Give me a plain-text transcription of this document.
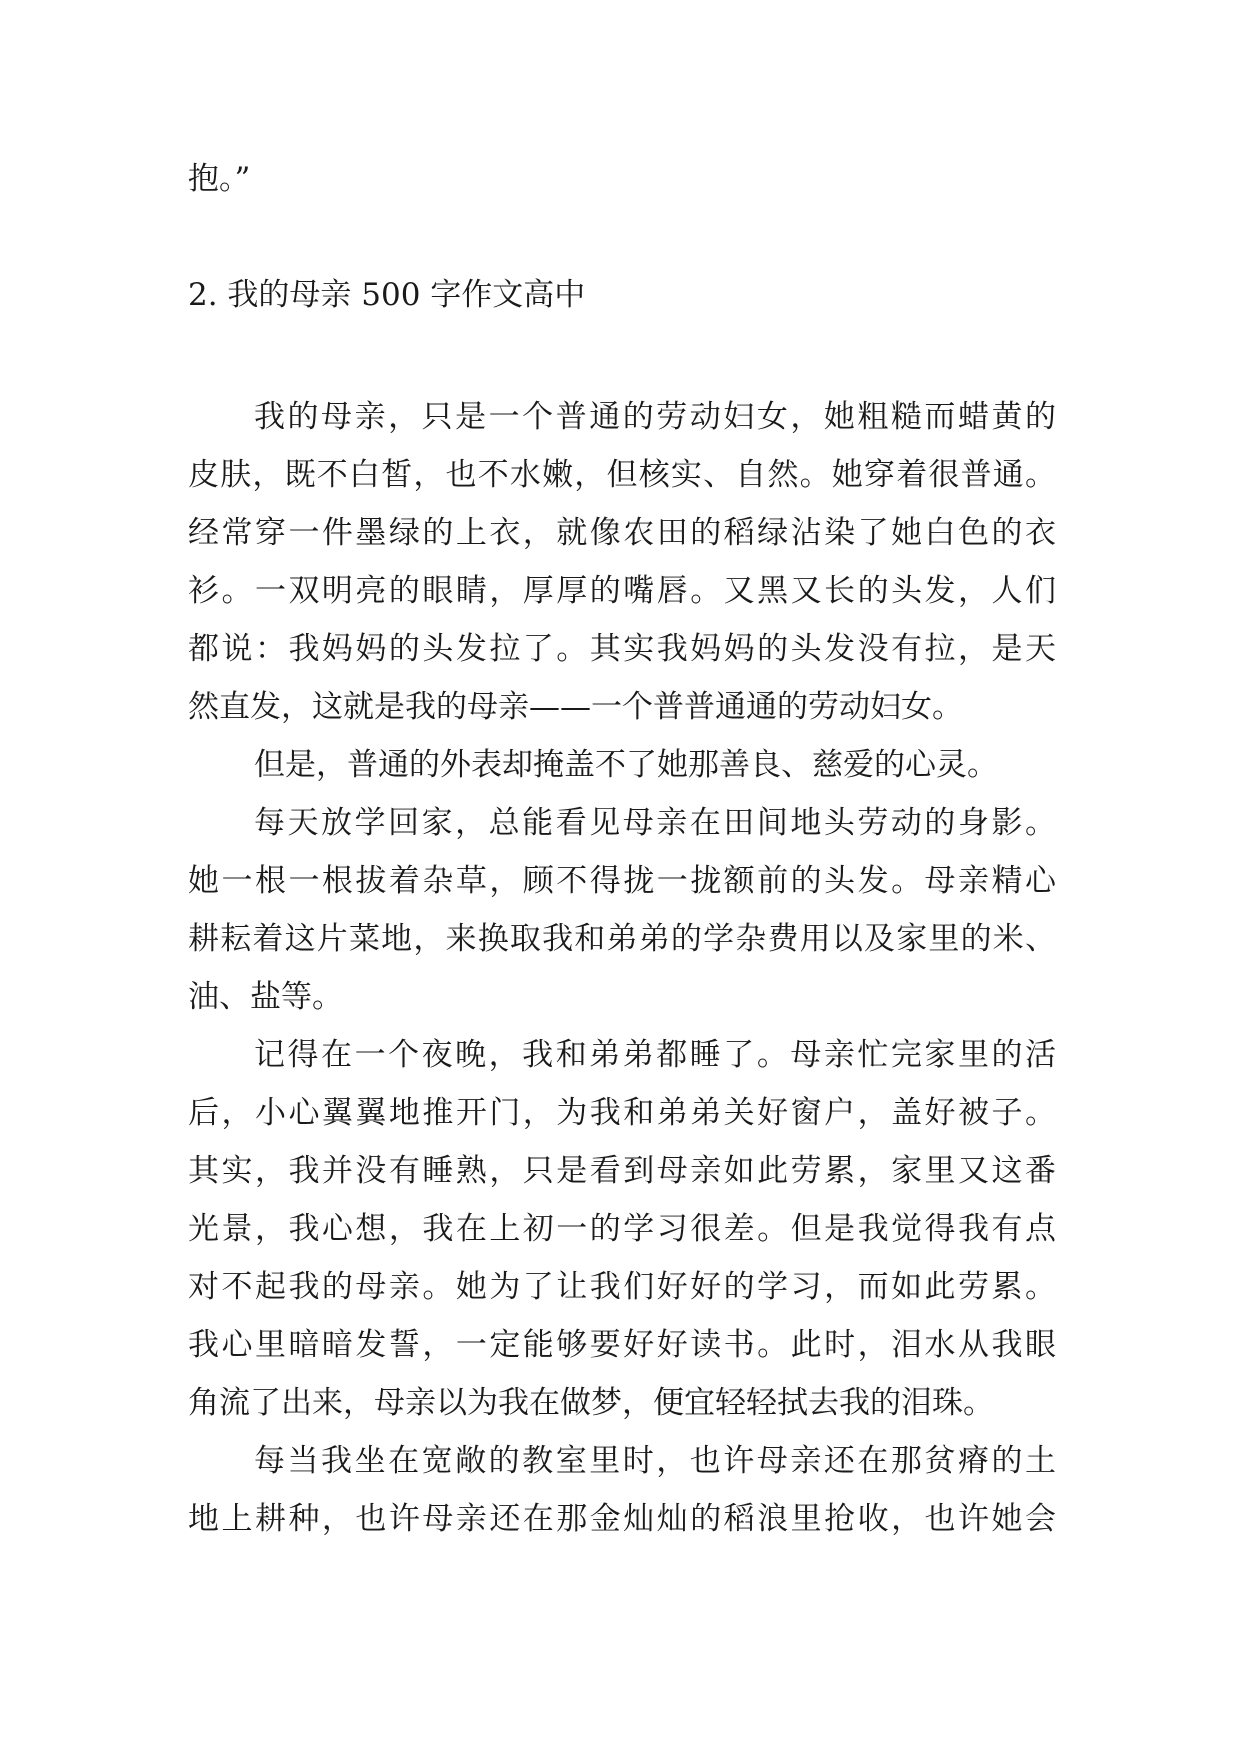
抱。”
2. 我的母亲 500 字作文高中
我的母亲，只是一个普通的劳动妇女，她粗糙而蜡黄的
皮肤，既不白皙，也不水嫩，但核实、自然。她穿着很普通。
经常穿一件墨绿的上衣，就像农田的稻绿沾染了她白色的衣
衫。一双明亮的眼睛，厚厚的嘴唇。又黑又长的头发，人们
都说：我妈妈的头发拉了。其实我妈妈的头发没有拉，是天
然直发，这就是我的母亲——一个普普通通的劳动妇女。
但是，普通的外表却掩盖不了她那善良、慈爱的心灵。
每天放学回家，总能看见母亲在田间地头劳动的身影。
她一根一根拔着杂草，顾不得拢一拢额前的头发。母亲精心
耕耘着这片菜地，来换取我和弟弟的学杂费用以及家里的米、
油、盐等。
记得在一个夜晚，我和弟弟都睡了。母亲忙完家里的活
后，小心翼翼地推开门，为我和弟弟关好窗户，盖好被子。
其实，我并没有睡熟，只是看到母亲如此劳累，家里又这番
光景，我心想，我在上初一的学习很差。但是我觉得我有点
对不起我的母亲。她为了让我们好好的学习，而如此劳累。
我心里暗暗发誓，一定能够要好好读书。此时，泪水从我眼
角流了出来，母亲以为我在做梦，便宜轻轻拭去我的泪珠。
每当我坐在宽敞的教室里时，也许母亲还在那贫瘠的土
地上耕种，也许母亲还在那金灿灿的稻浪里抢收，也许她会
